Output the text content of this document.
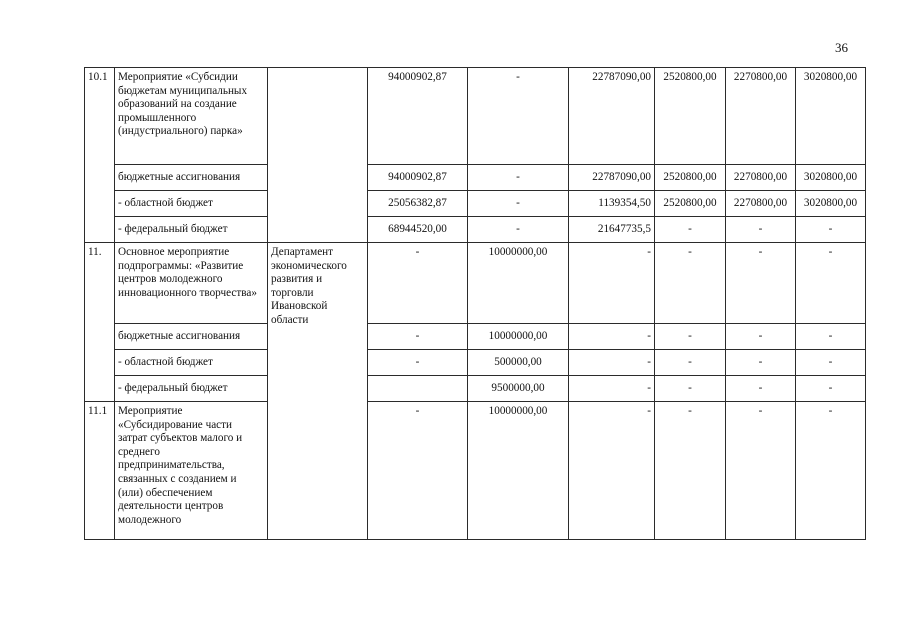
36
10.1	Мероприятие «Субсидии бюджетам муниципальных образований на создание промышленного (индустриального) парка»		94000902,87	-	22787090,00	2520800,00	2270800,00	3020800,00
	бюджетные ассигнования		94000902,87	-	22787090,00	2520800,00	2270800,00	3020800,00
	- областной бюджет		25056382,87	-	1139354,50	2520800,00	2270800,00	3020800,00
	- федеральный бюджет		68944520,00	-	21647735,5	-	-	-
11.	Основное мероприятие подпрограммы: «Развитие центров молодежного инновационного творчества»	Департамент экономического развития и торговли Ивановской области	-	10000000,00	-	-	-	-
	бюджетные ассигнования		-	10000000,00	-	-	-	-
	- областной бюджет		-	500000,00	-	-	-	-
	- федеральный бюджет			9500000,00	-	-	-	-
11.1	Мероприятие «Субсидирование части затрат субъектов малого и среднего предпринимательства, связанных с созданием и (или) обеспечением деятельности центров молодежного		-	10000000,00	-	-	-	-
